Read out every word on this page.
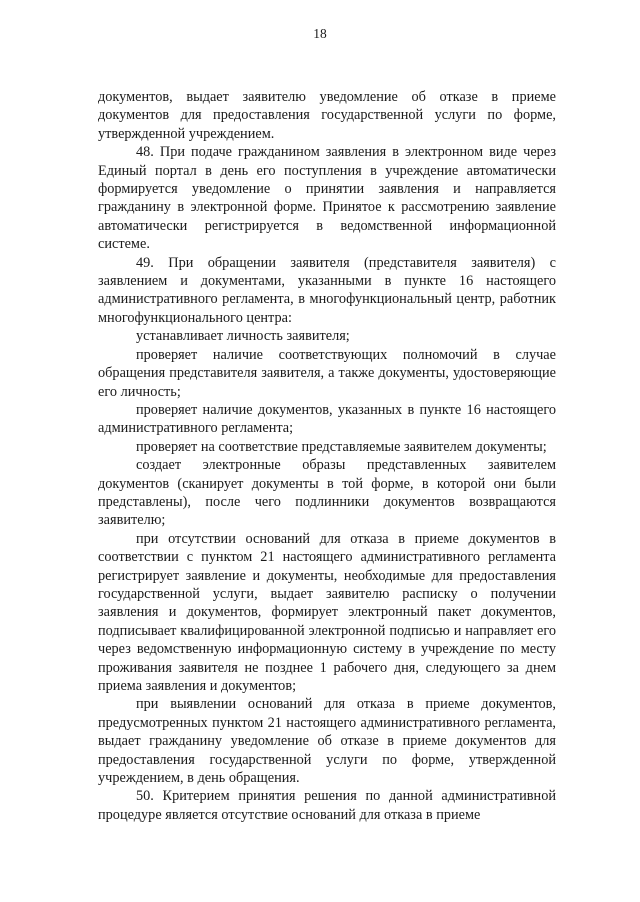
18

документов, выдает заявителю уведомление об отказе в приеме документов для предоставления государственной услуги по форме, утвержденной учреждением.

48. При подаче гражданином заявления в электронном виде через Единый портал в день его поступления в учреждение автоматически формируется уведомление о принятии заявления и направляется гражданину в электронной форме. Принятое к рассмотрению заявление автоматически регистрируется в ведомственной информационной системе.

49. При обращении заявителя (представителя заявителя) с заявлением и документами, указанными в пункте 16 настоящего административного регламента, в многофункциональный центр, работник многофункционального центра:

устанавливает личность заявителя;

проверяет наличие соответствующих полномочий в случае обращения представителя заявителя, а также документы, удостоверяющие его личность;

проверяет наличие документов, указанных в пункте 16 настоящего административного регламента;

проверяет на соответствие представляемые заявителем документы;

создает электронные образы представленных заявителем документов (сканирует документы в той форме, в которой они были представлены), после чего подлинники документов возвращаются заявителю;

при отсутствии оснований для отказа в приеме документов в соответствии с пунктом 21 настоящего административного регламента регистрирует заявление и документы, необходимые для предоставления государственной услуги, выдает заявителю расписку о получении заявления и документов, формирует электронный пакет документов, подписывает квалифицированной электронной подписью и направляет его через ведомственную информационную систему в учреждение по месту проживания заявителя не позднее 1 рабочего дня, следующего за днем приема заявления и документов;

при выявлении оснований для отказа в приеме документов, предусмотренных пунктом 21 настоящего административного регламента, выдает гражданину уведомление об отказе в приеме документов для предоставления государственной услуги по форме, утвержденной учреждением, в день обращения.

50. Критерием принятия решения по данной административной процедуре является отсутствие оснований для отказа в приеме
